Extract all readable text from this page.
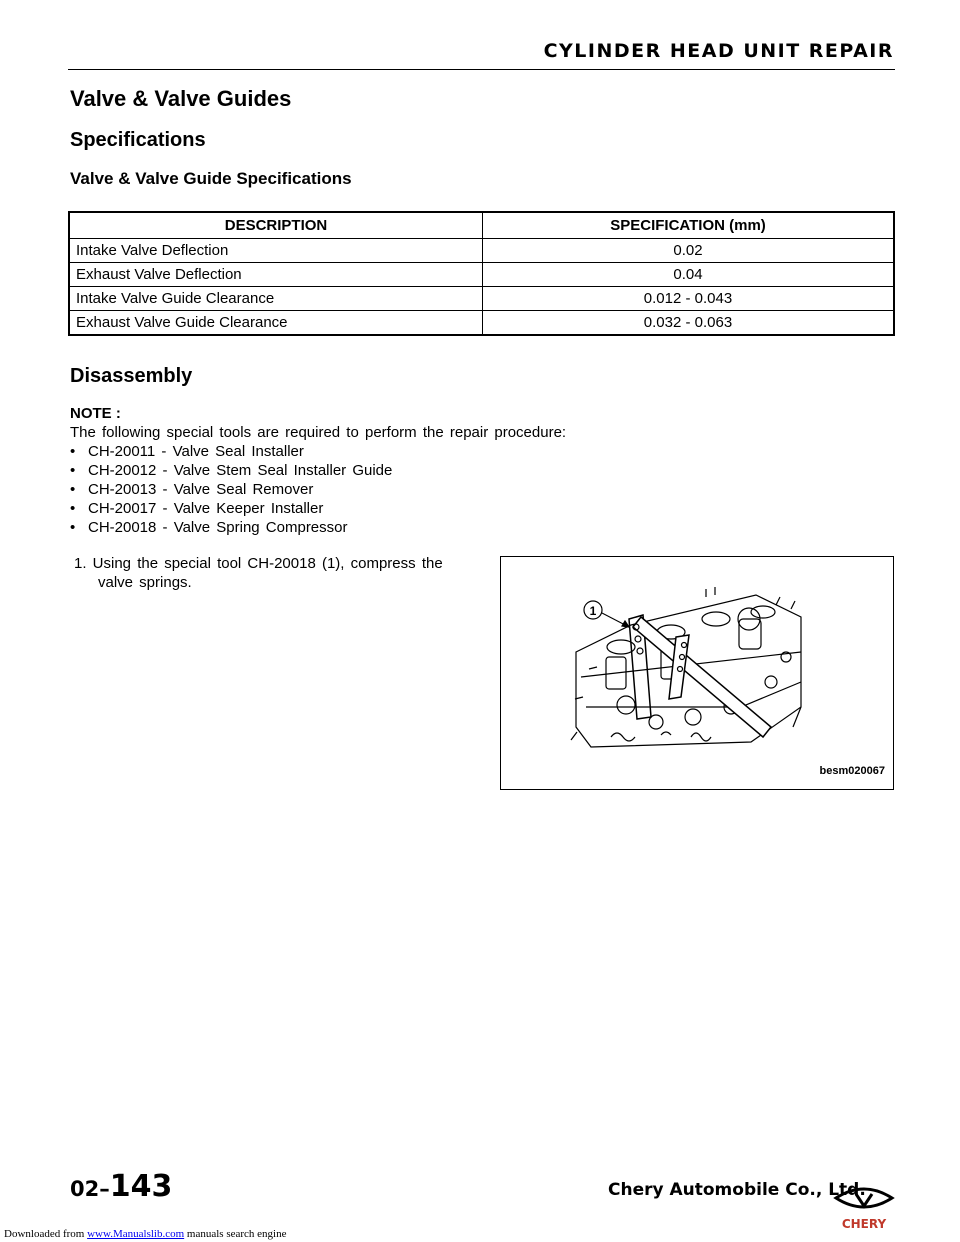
CYLINDER HEAD UNIT REPAIR
Valve & Valve Guides
Specifications
Valve & Valve Guide Specifications
DESCRIPTION	SPECIFICATION (mm)
Intake Valve Deflection	0.02
Exhaust Valve Deflection	0.04
Intake Valve Guide Clearance	0.012 - 0.043
Exhaust Valve Guide Clearance	0.032 - 0.063
Disassembly
NOTE :
The following special tools are required to perform the repair procedure:
• CH-20011 - Valve Seal Installer
• CH-20012 - Valve Stem Seal Installer Guide
• CH-20013 - Valve Seal Remover
• CH-20017 - Valve Keeper Installer
• CH-20018 - Valve Spring Compressor
1. Using the special tool CH-20018 (1), compress the
valve springs.
1
besm020067
02–143	Chery Automobile Co., Ltd.
CHERY
Downloaded from www.Manualslib.com manuals search engine
